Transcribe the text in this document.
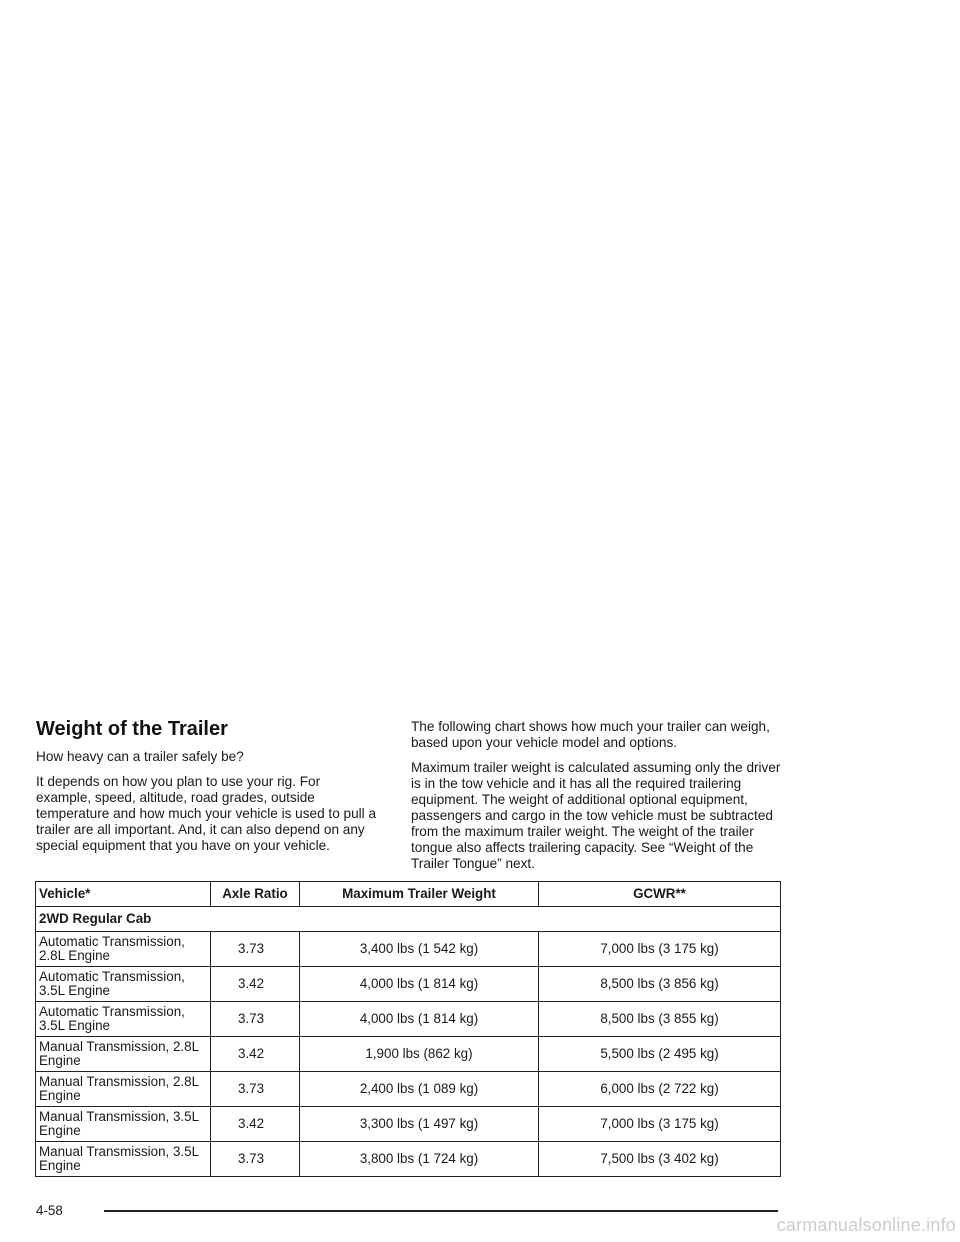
Weight of the Trailer

How heavy can a trailer safely be?

It depends on how you plan to use your rig. For example, speed, altitude, road grades, outside temperature and how much your vehicle is used to pull a trailer are all important. And, it can also depend on any special equipment that you have on your vehicle.

The following chart shows how much your trailer can weigh, based upon your vehicle model and options.

Maximum trailer weight is calculated assuming only the driver is in the tow vehicle and it has all the required trailering equipment. The weight of additional optional equipment, passengers and cargo in the tow vehicle must be subtracted from the maximum trailer weight. The weight of the trailer tongue also affects trailering capacity. See “Weight of the Trailer Tongue” next.

Vehicle*	Axle Ratio	Maximum Trailer Weight	GCWR**
2WD Regular Cab			
Automatic Transmission, 2.8L Engine	3.73	3,400 lbs (1 542 kg)	7,000 lbs (3 175 kg)
Automatic Transmission, 3.5L Engine	3.42	4,000 lbs (1 814 kg)	8,500 lbs (3 856 kg)
Automatic Transmission, 3.5L Engine	3.73	4,000 lbs (1 814 kg)	8,500 lbs (3 855 kg)
Manual Transmission, 2.8L Engine	3.42	1,900 lbs (862 kg)	5,500 lbs (2 495 kg)
Manual Transmission, 2.8L Engine	3.73	2,400 lbs (1 089 kg)	6,000 lbs (2 722 kg)
Manual Transmission, 3.5L Engine	3.42	3,300 lbs (1 497 kg)	7,000 lbs (3 175 kg)
Manual Transmission, 3.5L Engine	3.73	3,800 lbs (1 724 kg)	7,500 lbs (3 402 kg)
4-58
carmanualsonline.info
